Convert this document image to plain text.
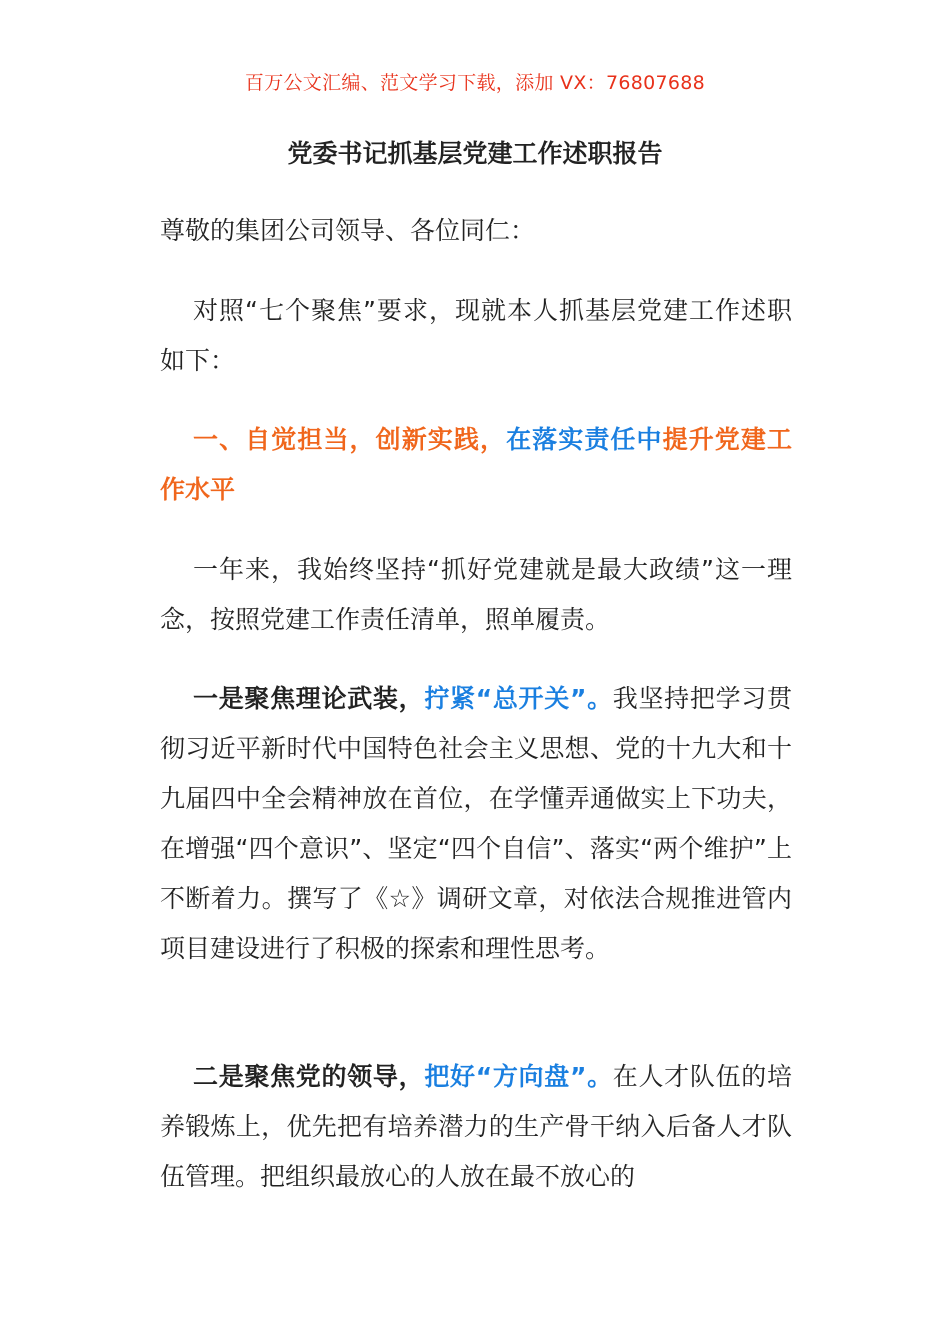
百万公文汇编、范文学习下载，添加 VX：76807688
党委书记抓基层党建工作述职报告
尊敬的集团公司领导、各位同仁：
对照“七个聚焦”要求，现就本人抓基层党建工作述职如下：
一、自觉担当，创新实践，在落实责任中提升党建工作水平
一年来，我始终坚持“抓好党建就是最大政绩”这一理念，按照党建工作责任清单，照单履责。
一是聚焦理论武装，拧紧“总开关”。我坚持把学习贯彻习近平新时代中国特色社会主义思想、党的十九大和十九届四中全会精神放在首位，在学懂弄通做实上下功夫，在增强“四个意识”、坚定“四个自信”、落实“两个维护”上不断着力。撰写了《☆》调研文章，对依法合规推进管内项目建设进行了积极的探索和理性思考。
二是聚焦党的领导，把好“方向盘”。在人才队伍的培养锻炼上，优先把有培养潜力的生产骨干纳入后备人才队伍管理。把组织最放心的人放在最不放心的
